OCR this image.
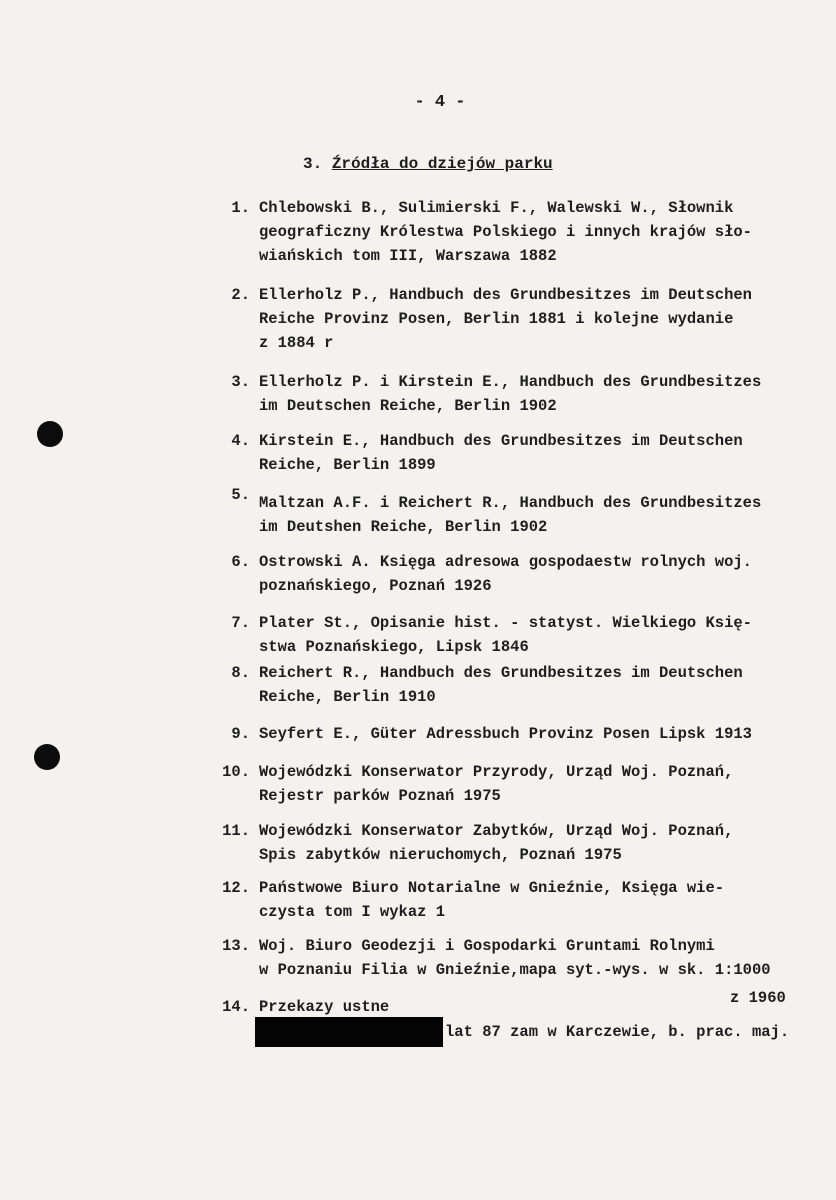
- 4 -
3. Źródła do dziejów parku
1. Chlebowski B., Sulimierski F., Walewski W., Słownik
geograficzny Królestwa Polskiego i innych krajów sło-
wiańskich tom III, Warszawa 1882
2. Ellerholz P., Handbuch des Grundbesitzes im Deutschen
Reiche Provinz Posen, Berlin 1881 i kolejne wydanie
z 1884 r
3. Ellerholz P. i Kirstein E., Handbuch des Grundbesitzes
im Deutschen Reiche, Berlin 1902
4. Kirstein E., Handbuch des Grundbesitzes im Deutschen
Reiche, Berlin 1899
5. Maltzan A.F. i Reichert R., Handbuch des Grundbesitzes
im Deutshen Reiche, Berlin 1902
6. Ostrowski A. Księga adresowa gospodaestw rolnych woj.
poznańskiego, Poznań 1926
7. Plater St., Opisanie hist. - statyst. Wielkiego Księ-
stwa Poznańskiego, Lipsk 1846
8. Reichert R., Handbuch des Grundbesitzes im Deutschen
Reiche, Berlin 1910
9. Seyfert E., Güter Adressbuch Provinz Posen Lipsk 1913
10. Wojewódzki Konserwator Przyrody, Urząd Woj. Poznań,
Rejestr parków Poznań 1975
11. Wojewódzki Konserwator Zabytków, Urząd Woj. Poznań,
Spis zabytków nieruchomych, Poznań 1975
12. Państwowe Biuro Notarialne w Gnieźnie, Księga wie-
czysta tom I wykaz 1
13. Woj. Biuro Geodezji i Gospodarki Gruntami Rolnymi
w Poznaniu Filia w Gnieźnie,mapa syt.-wys. w sk. 1:1000
z 1960
14. Przekazy ustne
lat 87 zam w Karczewie, b. prac. maj.
